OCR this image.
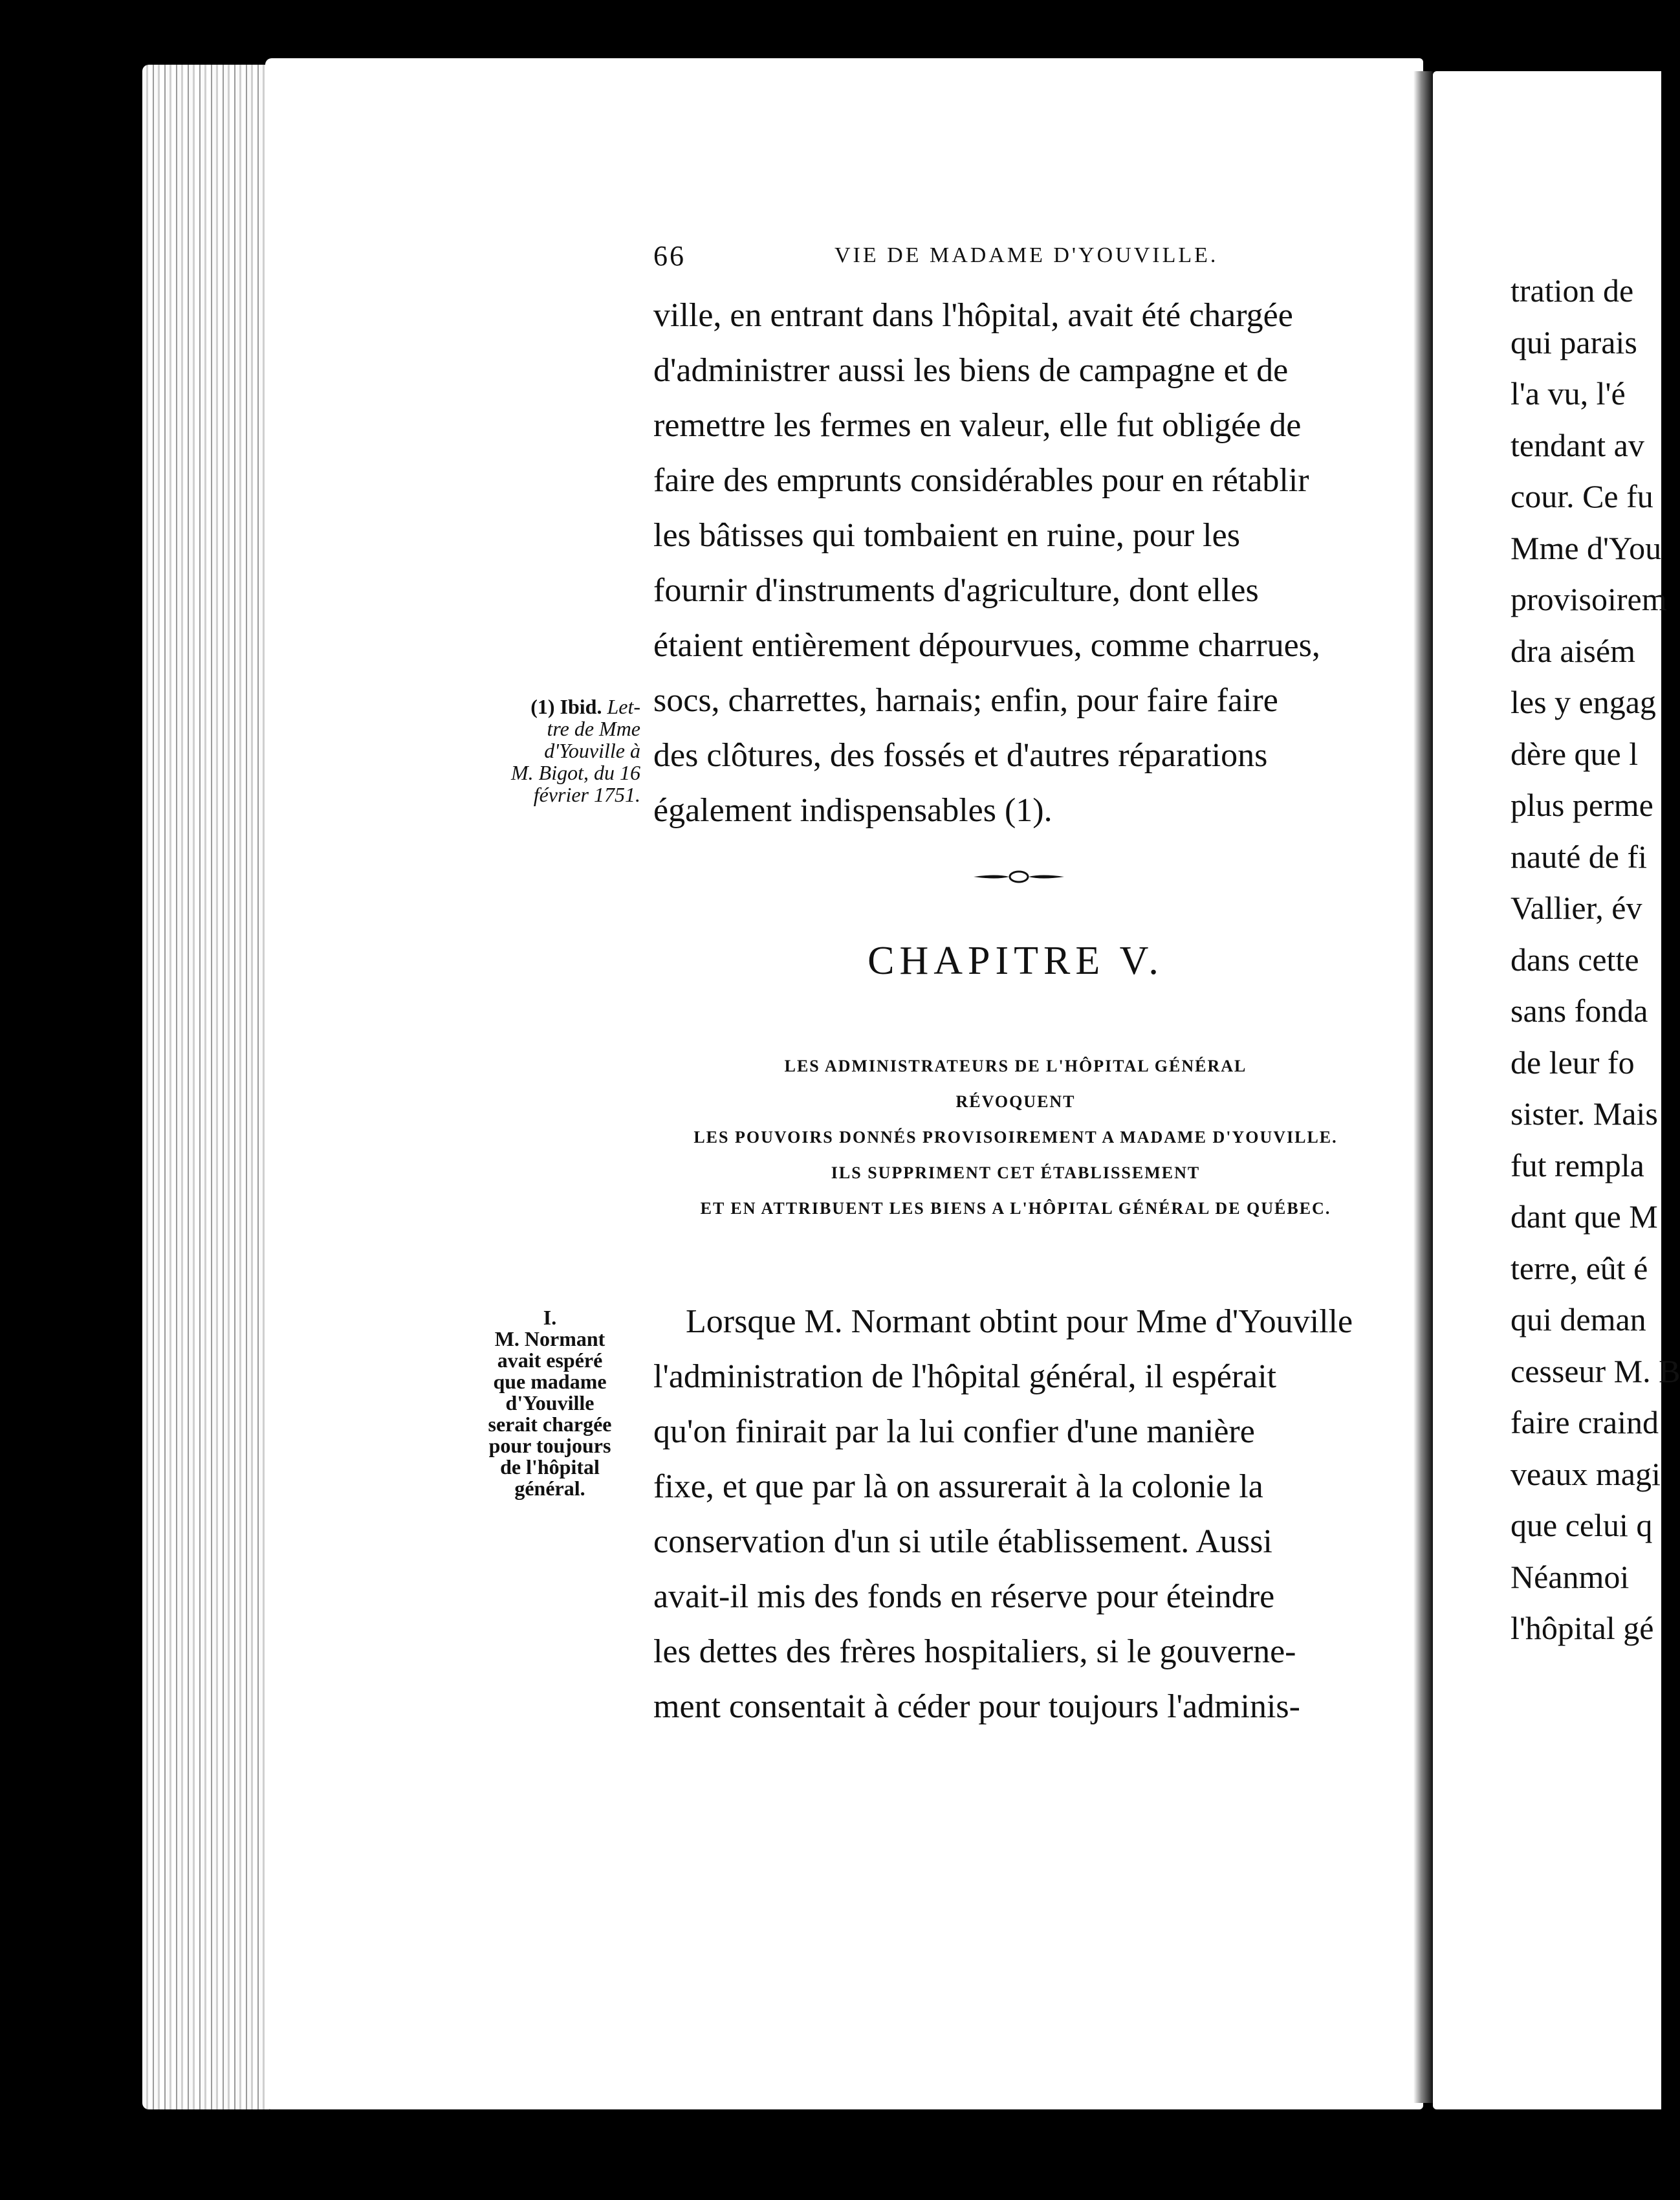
66	VIE DE MADAME D'YOUVILLE.

ville, en entrant dans l'hôpital, avait été chargée

d'administrer aussi les biens de campagne et de

remettre les fermes en valeur, elle fut obligée de

faire des emprunts considérables pour en rétablir

les bâtisses qui tombaient en ruine, pour les

fournir d'instruments d'agriculture, dont elles

étaient entièrement dépourvues, comme charrues,

socs, charrettes, harnais; enfin, pour faire faire

des clôtures, des fossés et d'autres réparations

également indispensables (1).

(1) Ibid. Let-
tre de Mme
d'Youville à
M. Bigot, du 16
février 1751.
CHAPITRE V.
LES ADMINISTRATEURS DE L'HÔPITAL GÉNÉRAL
RÉVOQUENT
LES POUVOIRS DONNÉS PROVISOIREMENT A MADAME D'YOUVILLE.
ILS SUPPRIMENT CET ÉTABLISSEMENT
ET EN ATTRIBUENT LES BIENS A L'HÔPITAL GÉNÉRAL DE QUÉBEC.
I.
M. Normant
avait espéré
que madame
d'Youville
serait chargée
pour toujours
de l'hôpital
général.

Lorsque M. Normant obtint pour Mme d'Youville

l'administration de l'hôpital général, il espérait

qu'on finirait par la lui confier d'une manière

fixe, et que par là on assurerait à la colonie la

conservation d'un si utile établissement. Aussi

avait-il mis des fonds en réserve pour éteindre

les dettes des frères hospitaliers, si le gouverne-

ment consentait à céder pour toujours l'adminis-

tration de
qui parais
l'a vu, l'é
tendant av
cour. Ce fu
Mme d'You
provisoirem
dra aisém
les y engag
dère que l
plus perme
nauté de fi
Vallier, év
dans cette
sans fonda
de leur fo
sister. Mais
fut rempla
dant que M
terre, eût é
qui deman
cesseur M. B
faire craind
veaux magi
que celui q
Néanmoi
l'hôpital gé
